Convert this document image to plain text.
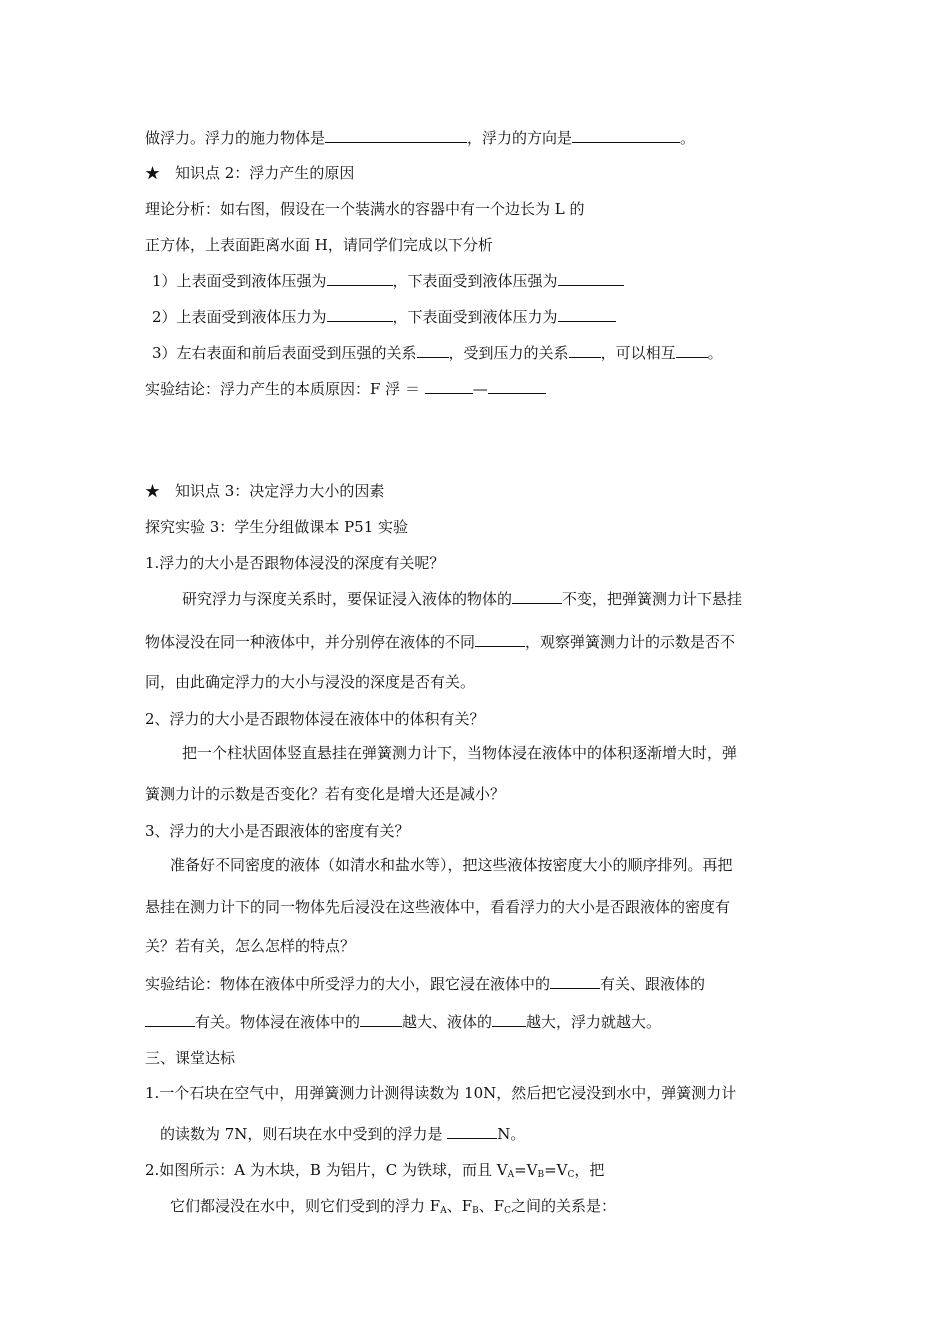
做浮力。浮力的施力物体是	，浮力的方向是	。
★　知识点 2：浮力产生的原因
理论分析：如右图，假设在一个装满水的容器中有一个边长为 L 的
正方体，上表面距离水面 H，请同学们完成以下分析
1）上表面受到液体压强为	，下表面受到液体压强为
2）上表面受到液体压力为	，下表面受到液体压力为
3）左右表面和前后表面受到压强的关系 ，受到压力的关系 ，可以相互 。
实验结论：浮力产生的本质原因：F 浮 ＝	—
★　知识点 3：决定浮力大小的因素
探究实验 3：学生分组做课本 P51 实验
1.浮力的大小是否跟物体浸没的深度有关呢？
研究浮力与深度关系时，要保证浸入液体的物体的	不变，把弹簧测力计下悬挂
物体浸没在同一种液体中，并分别停在液体的不同	，观察弹簧测力计的示数是否不
同，由此确定浮力的大小与浸没的深度是否有关。
2、浮力的大小是否跟物体浸在液体中的体积有关？
把一个柱状固体竖直悬挂在弹簧测力计下，当物体浸在液体中的体积逐渐增大时，弹
簧测力计的示数是否变化？若有变化是增大还是减小？
3、浮力的大小是否跟液体的密度有关？
准备好不同密度的液体（如清水和盐水等），把这些液体按密度大小的顺序排列。再把
悬挂在测力计下的同一物体先后浸没在这些液体中，看看浮力的大小是否跟液体的密度有
关？若有关，怎么怎样的特点？
实验结论：物体在液体中所受浮力的大小，跟它浸在液体中的	有关、跟液体的
有关。物体浸在液体中的	越大、液体的 越大，浮力就越大。
三、课堂达标
1.一个石块在空气中，用弹簧测力计测得读数为 10N，然后把它浸没到水中，弹簧测力计
的读数为 7N，则石块在水中受到的浮力是	N。
2.如图所示：A 为木块，B 为铝片，C 为铁球，而且 $V_A=V_B=V_C$，把
它们都浸没在水中，则它们受到的浮力 $F_A$、$F_B$、$F_C$之间的关系是：
